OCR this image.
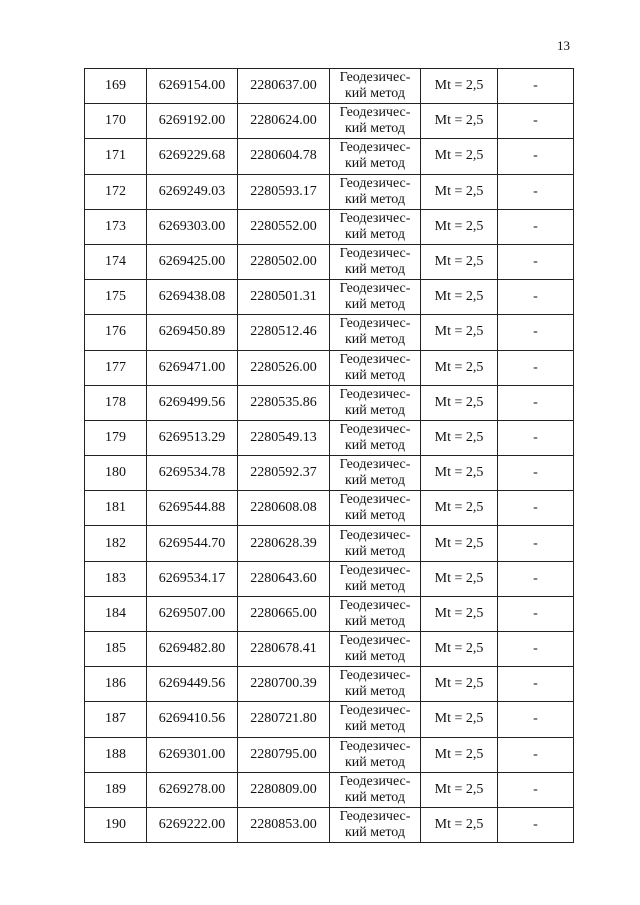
13
169	6269154.00	2280637.00	Геодезичес-
кий метод	Mt = 2,5	-
170	6269192.00	2280624.00	Геодезичес-
кий метод	Mt = 2,5	-
171	6269229.68	2280604.78	Геодезичес-
кий метод	Mt = 2,5	-
172	6269249.03	2280593.17	Геодезичес-
кий метод	Mt = 2,5	-
173	6269303.00	2280552.00	Геодезичес-
кий метод	Mt = 2,5	-
174	6269425.00	2280502.00	Геодезичес-
кий метод	Mt = 2,5	-
175	6269438.08	2280501.31	Геодезичес-
кий метод	Mt = 2,5	-
176	6269450.89	2280512.46	Геодезичес-
кий метод	Mt = 2,5	-
177	6269471.00	2280526.00	Геодезичес-
кий метод	Mt = 2,5	-
178	6269499.56	2280535.86	Геодезичес-
кий метод	Mt = 2,5	-
179	6269513.29	2280549.13	Геодезичес-
кий метод	Mt = 2,5	-
180	6269534.78	2280592.37	Геодезичес-
кий метод	Mt = 2,5	-
181	6269544.88	2280608.08	Геодезичес-
кий метод	Mt = 2,5	-
182	6269544.70	2280628.39	Геодезичес-
кий метод	Mt = 2,5	-
183	6269534.17	2280643.60	Геодезичес-
кий метод	Mt = 2,5	-
184	6269507.00	2280665.00	Геодезичес-
кий метод	Mt = 2,5	-
185	6269482.80	2280678.41	Геодезичес-
кий метод	Mt = 2,5	-
186	6269449.56	2280700.39	Геодезичес-
кий метод	Mt = 2,5	-
187	6269410.56	2280721.80	Геодезичес-
кий метод	Mt = 2,5	-
188	6269301.00	2280795.00	Геодезичес-
кий метод	Mt = 2,5	-
189	6269278.00	2280809.00	Геодезичес-
кий метод	Mt = 2,5	-
190	6269222.00	2280853.00	Геодезичес-
кий метод	Mt = 2,5	-
